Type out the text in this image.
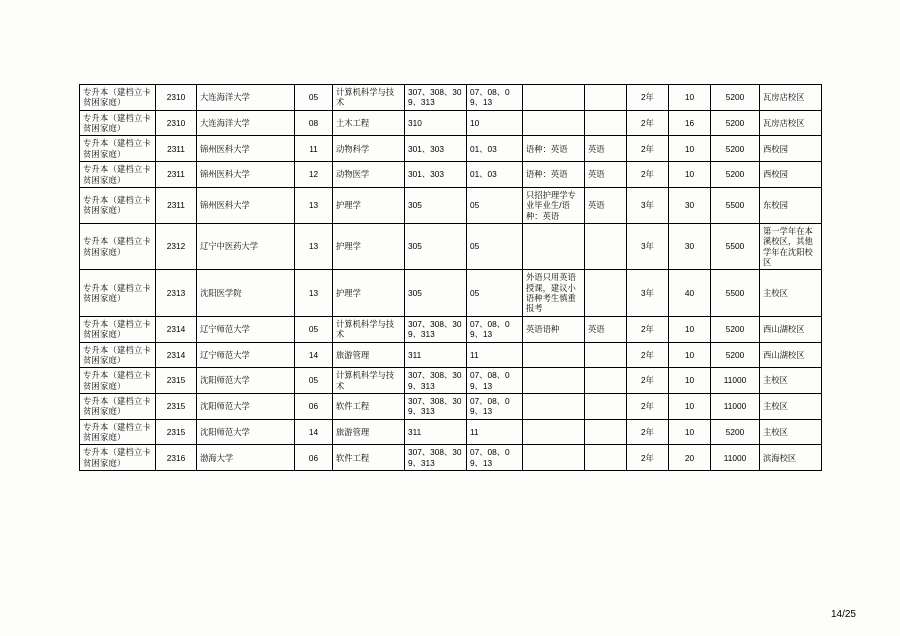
专升本（建档立卡贫困家庭）	2310	大连海洋大学	05	计算机科学与技术	307、308、309、313	07、08、09、13			2年	10	5200	瓦房店校区
专升本（建档立卡贫困家庭）	2310	大连海洋大学	08	土木工程	310	10			2年	16	5200	瓦房店校区
专升本（建档立卡贫困家庭）	2311	锦州医科大学	11	动物科学	301、303	01、03	语种：英语	英语	2年	10	5200	西校园
专升本（建档立卡贫困家庭）	2311	锦州医科大学	12	动物医学	301、303	01、03	语种：英语	英语	2年	10	5200	西校园
专升本（建档立卡贫困家庭）	2311	锦州医科大学	13	护理学	305	05	只招护理学专业毕业生/语种：英语	英语	3年	30	5500	东校园
专升本（建档立卡贫困家庭）	2312	辽宁中医药大学	13	护理学	305	05			3年	30	5500	第一学年在本溪校区，其他学年在沈阳校区
专升本（建档立卡贫困家庭）	2313	沈阳医学院	13	护理学	305	05	外语只用英语授课，建议小语种考生慎重报考		3年	40	5500	主校区
专升本（建档立卡贫困家庭）	2314	辽宁师范大学	05	计算机科学与技术	307、308、309、313	07、08、09、13	英语语种	英语	2年	10	5200	西山湖校区
专升本（建档立卡贫困家庭）	2314	辽宁师范大学	14	旅游管理	311	11			2年	10	5200	西山湖校区
专升本（建档立卡贫困家庭）	2315	沈阳师范大学	05	计算机科学与技术	307、308、309、313	07、08、09、13			2年	10	11000	主校区
专升本（建档立卡贫困家庭）	2315	沈阳师范大学	06	软件工程	307、308、309、313	07、08、09、13			2年	10	11000	主校区
专升本（建档立卡贫困家庭）	2315	沈阳师范大学	14	旅游管理	311	11			2年	10	5200	主校区
专升本（建档立卡贫困家庭）	2316	渤海大学	06	软件工程	307、308、309、313	07、08、09、13			2年	20	11000	滨海校区
14/25
